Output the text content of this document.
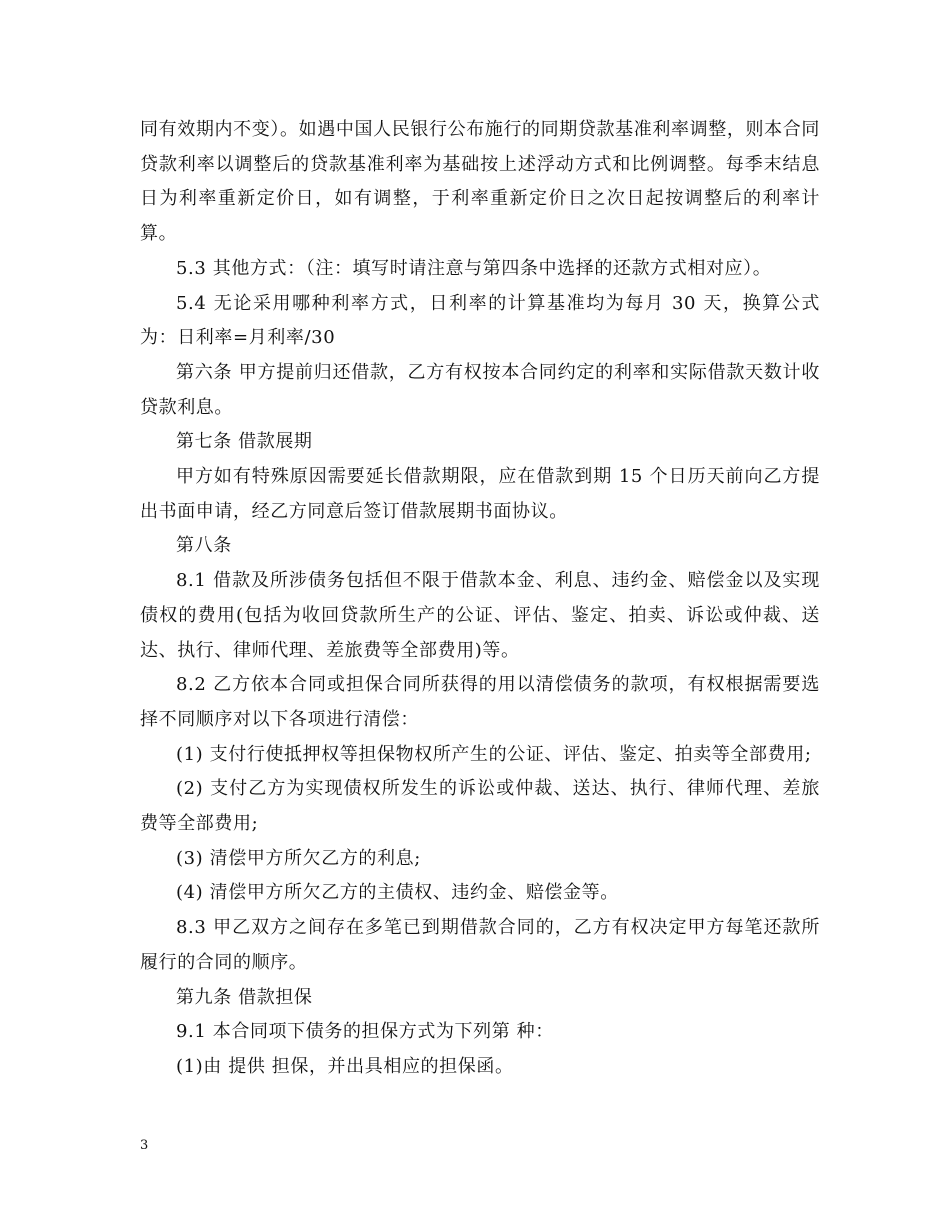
同有效期内不变）。如遇中国人民银行公布施行的同期贷款基准利率调整，则本合同贷款利率以调整后的贷款基准利率为基础按上述浮动方式和比例调整。每季末结息日为利率重新定价日，如有调整，于利率重新定价日之次日起按调整后的利率计算。

5.3 其他方式：（注：填写时请注意与第四条中选择的还款方式相对应）。

5.4 无论采用哪种利率方式，日利率的计算基准均为每月 30 天，换算公式为：日利率=月利率/30

第六条 甲方提前归还借款，乙方有权按本合同约定的利率和实际借款天数计收贷款利息。

第七条 借款展期

甲方如有特殊原因需要延长借款期限，应在借款到期 15 个日历天前向乙方提出书面申请，经乙方同意后签订借款展期书面协议。

第八条

8.1 借款及所涉债务包括但不限于借款本金、利息、违约金、赔偿金以及实现债权的费用(包括为收回贷款所生产的公证、评估、鉴定、拍卖、诉讼或仲裁、送达、执行、律师代理、差旅费等全部费用)等。

8.2 乙方依本合同或担保合同所获得的用以清偿债务的款项，有权根据需要选择不同顺序对以下各项进行清偿：

(1) 支付行使抵押权等担保物权所产生的公证、评估、鉴定、拍卖等全部费用;

(2) 支付乙方为实现债权所发生的诉讼或仲裁、送达、执行、律师代理、差旅费等全部费用;

(3) 清偿甲方所欠乙方的利息;

(4) 清偿甲方所欠乙方的主债权、违约金、赔偿金等。

8.3 甲乙双方之间存在多笔已到期借款合同的，乙方有权决定甲方每笔还款所履行的合同的顺序。

第九条 借款担保

9.1 本合同项下债务的担保方式为下列第 种：

(1)由 提供 担保，并出具相应的担保函。

3
